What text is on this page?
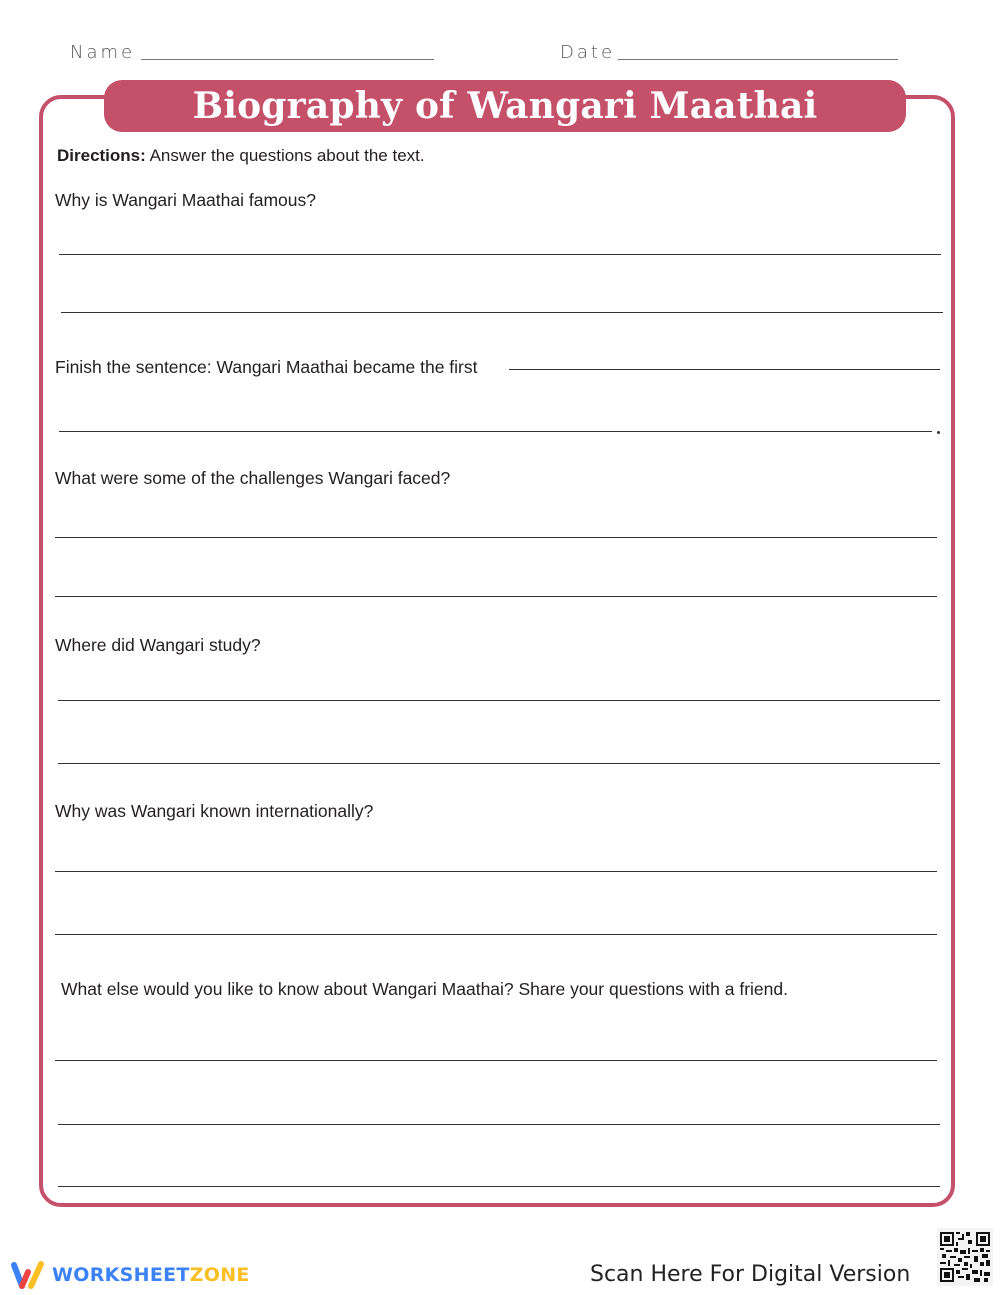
Name	Date
Biography of Wangari Maathai
Directions: Answer the questions about the text.
Why is Wangari Maathai famous?
Finish the sentence: Wangari Maathai became the first
What were some of the challenges Wangari faced?
Where did Wangari study?
Why was Wangari known internationally?
What else would you like to know about Wangari Maathai? Share your questions with a friend.
WORKSHEETZONE	Scan Here For Digital Version
